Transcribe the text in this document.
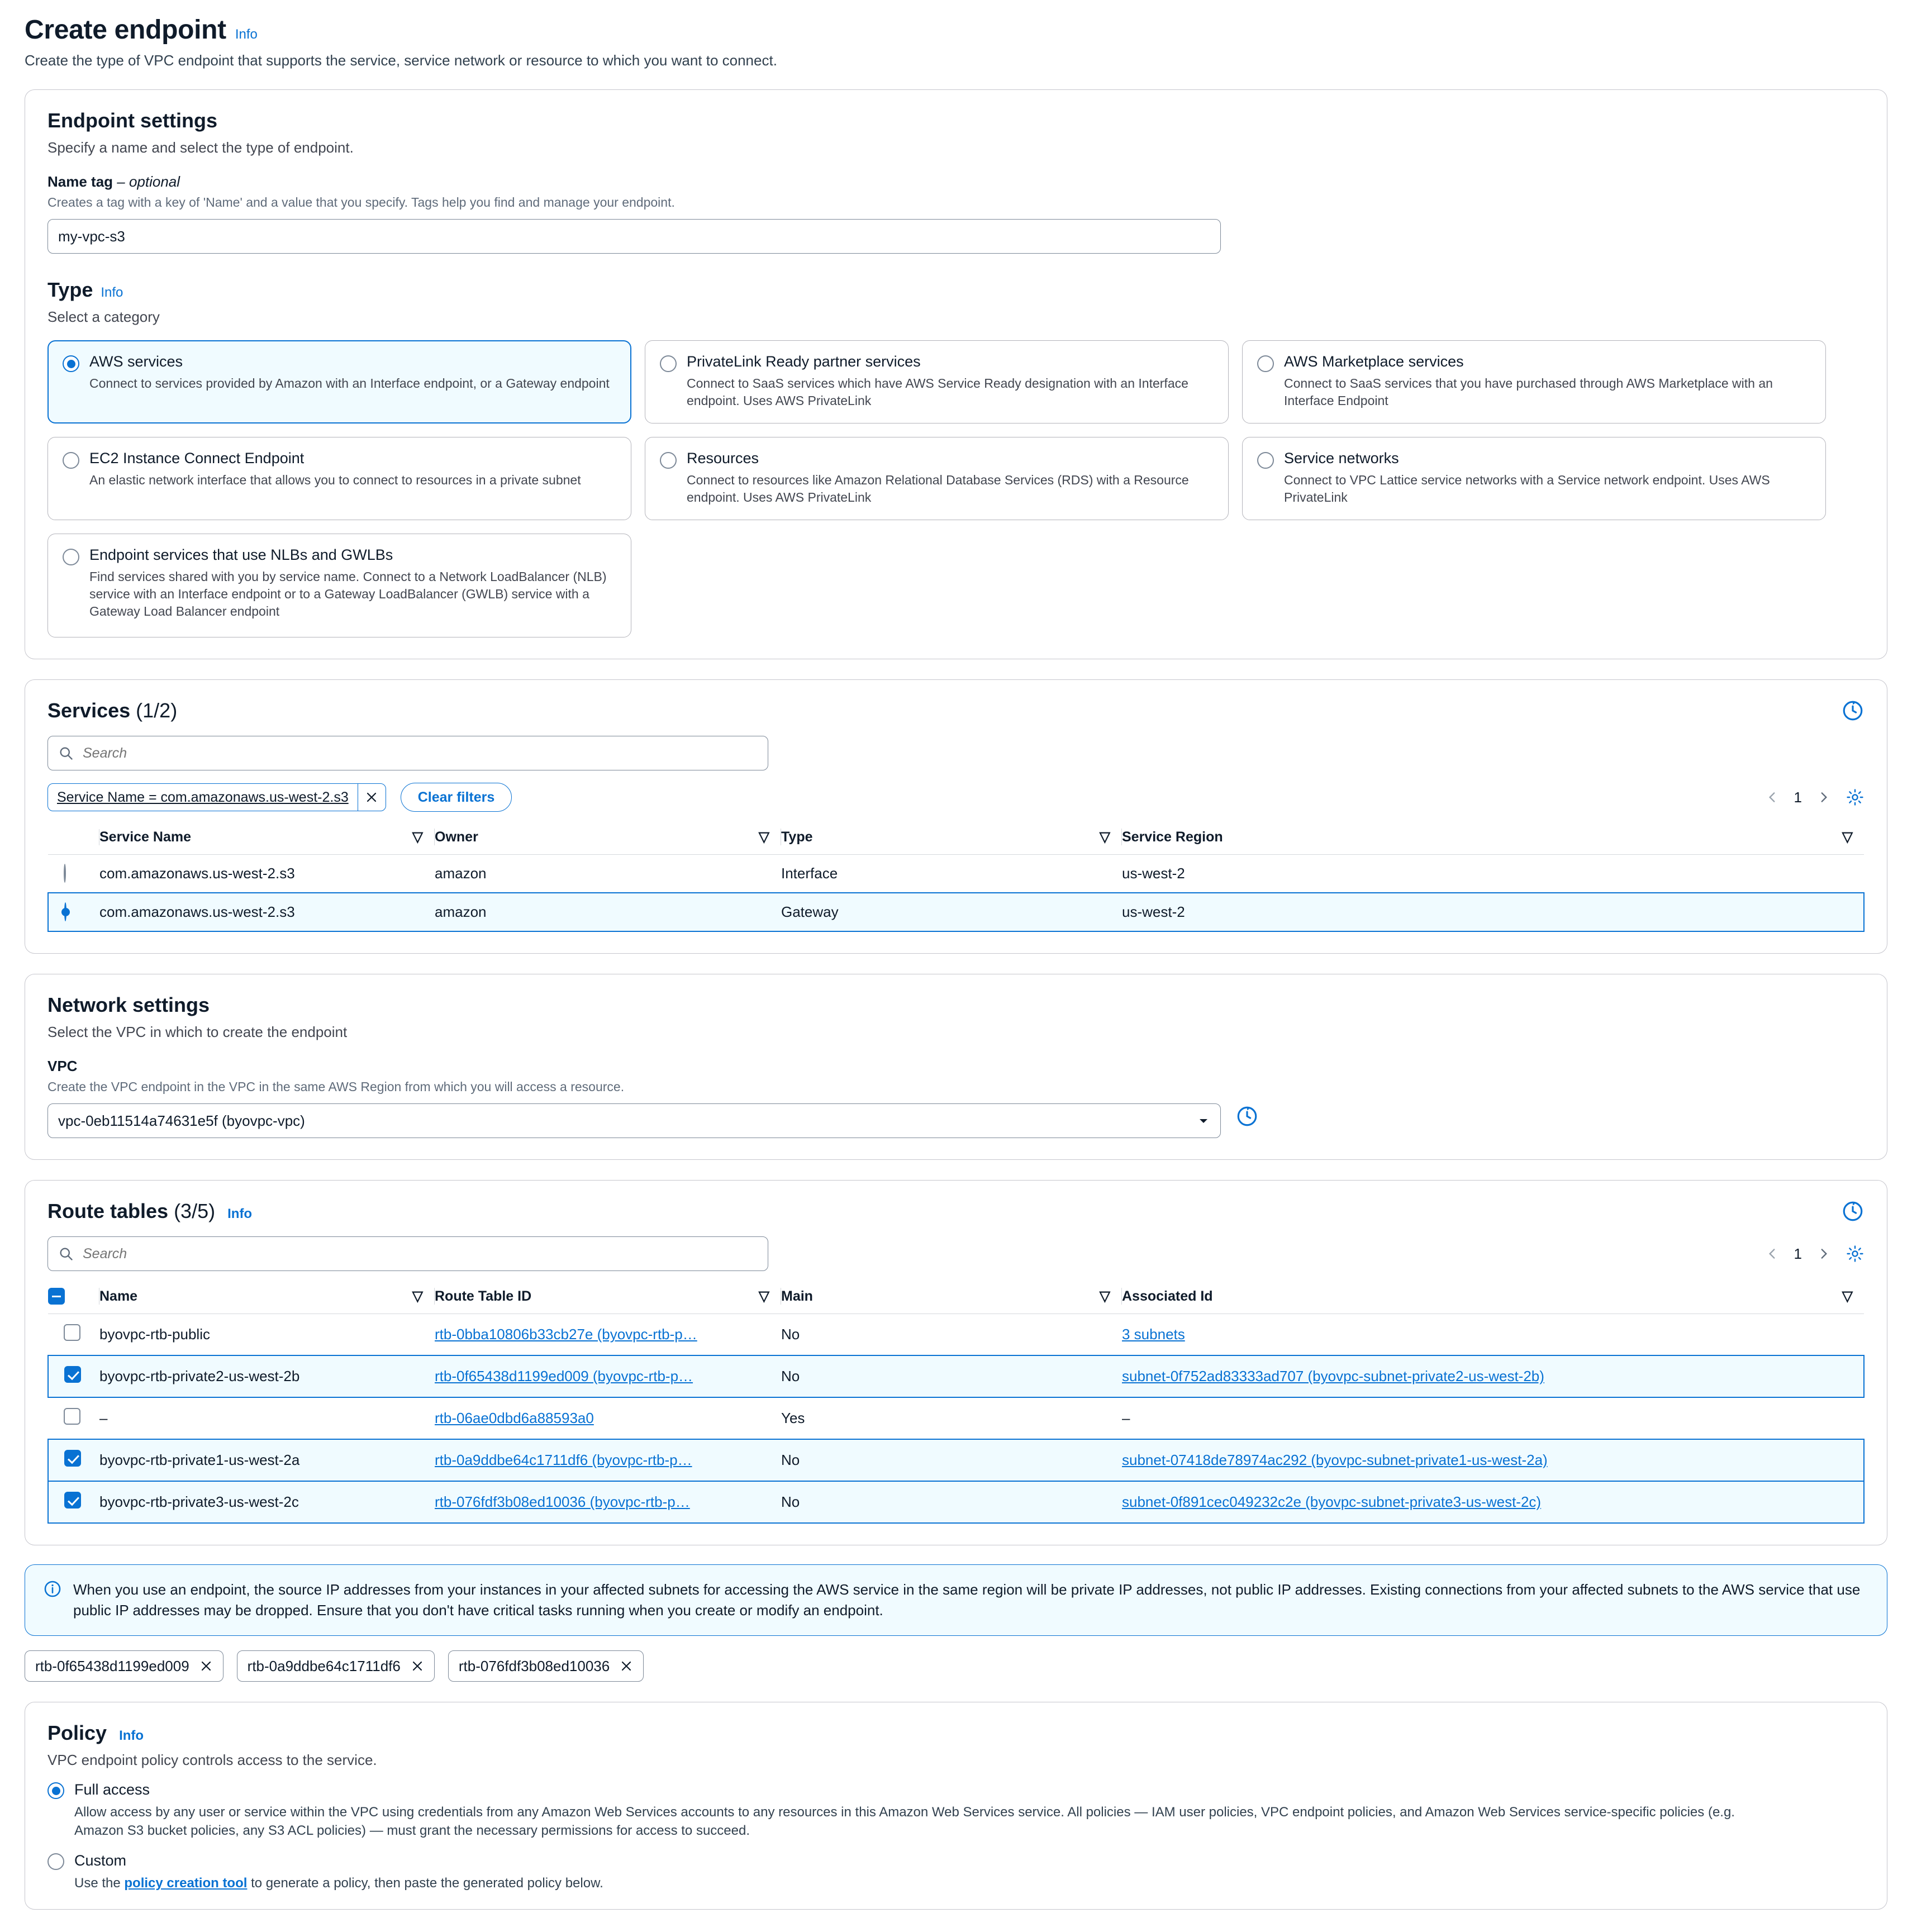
Create endpoint Info
Create the type of VPC endpoint that supports the service, service network or resource to which you want to connect.
Endpoint settings
Specify a name and select the type of endpoint.
Name tag – optional
Creates a tag with a key of 'Name' and a value that you specify. Tags help you find and manage your endpoint.
my-vpc-s3
Type Info
Select a category
AWS services
Connect to services provided by Amazon with an Interface endpoint, or a Gateway endpoint
PrivateLink Ready partner services
Connect to SaaS services which have AWS Service Ready designation with an Interface endpoint. Uses AWS PrivateLink
AWS Marketplace services
Connect to SaaS services that you have purchased through AWS Marketplace with an Interface Endpoint
EC2 Instance Connect Endpoint
An elastic network interface that allows you to connect to resources in a private subnet
Resources
Connect to resources like Amazon Relational Database Services (RDS) with a Resource endpoint. Uses AWS PrivateLink
Service networks
Connect to VPC Lattice service networks with a Service network endpoint. Uses AWS PrivateLink
Endpoint services that use NLBs and GWLBs
Find services shared with you by service name. Connect to a Network LoadBalancer (NLB) service with an Interface endpoint or to a Gateway LoadBalancer (GWLB) service with a Gateway Load Balancer endpoint
Services (1/2)
Search
Service Name = com.amazonaws.us-west-2.s3	Clear filters	1

	Service Name ▽	Owner ▽	Type ▽	Service Region ▽

	com.amazonaws.us-west-2.s3	amazon	Interface	us-west-2
	com.amazonaws.us-west-2.s3	amazon	Gateway	us-west-2
Network settings
Select the VPC in which to create the endpoint
VPC
Create the VPC endpoint in the VPC in the same AWS Region from which you will access a resource.
vpc-0eb11514a74631e5f (byovpc-vpc)
Route tables (3/5) Info
Search
1

	Name ▽	Route Table ID ▽	Main ▽	Associated Id ▽

	byovpc-rtb-public	rtb-0bba10806b33cb27e (byovpc-rtb-p…	No	3 subnets
	byovpc-rtb-private2-us-west-2b	rtb-0f65438d1199ed009 (byovpc-rtb-p…	No	subnet-0f752ad83333ad707 (byovpc-subnet-private2-us-west-2b)
	–	rtb-06ae0dbd6a88593a0	Yes	–
	byovpc-rtb-private1-us-west-2a	rtb-0a9ddbe64c1711df6 (byovpc-rtb-p…	No	subnet-07418de78974ac292 (byovpc-subnet-private1-us-west-2a)
	byovpc-rtb-private3-us-west-2c	rtb-076fdf3b08ed10036 (byovpc-rtb-p…	No	subnet-0f891cec049232c2e (byovpc-subnet-private3-us-west-2c)
When you use an endpoint, the source IP addresses from your instances in your affected subnets for accessing the AWS service in the same region will be private IP addresses, not public IP addresses. Existing connections from your affected subnets to the AWS service that use public IP addresses may be dropped. Ensure that you don't have critical tasks running when you create or modify an endpoint.
rtb-0f65438d1199ed009	rtb-0a9ddbe64c1711df6	rtb-076fdf3b08ed10036
Policy Info
VPC endpoint policy controls access to the service.
Full access
Allow access by any user or service within the VPC using credentials from any Amazon Web Services accounts to any resources in this Amazon Web Services service. All policies — IAM user policies, VPC endpoint policies, and Amazon Web Services service-specific policies (e.g. Amazon S3 bucket policies, any S3 ACL policies) — must grant the necessary permissions for access to succeed.
Custom
Use the policy creation tool to generate a policy, then paste the generated policy below.
